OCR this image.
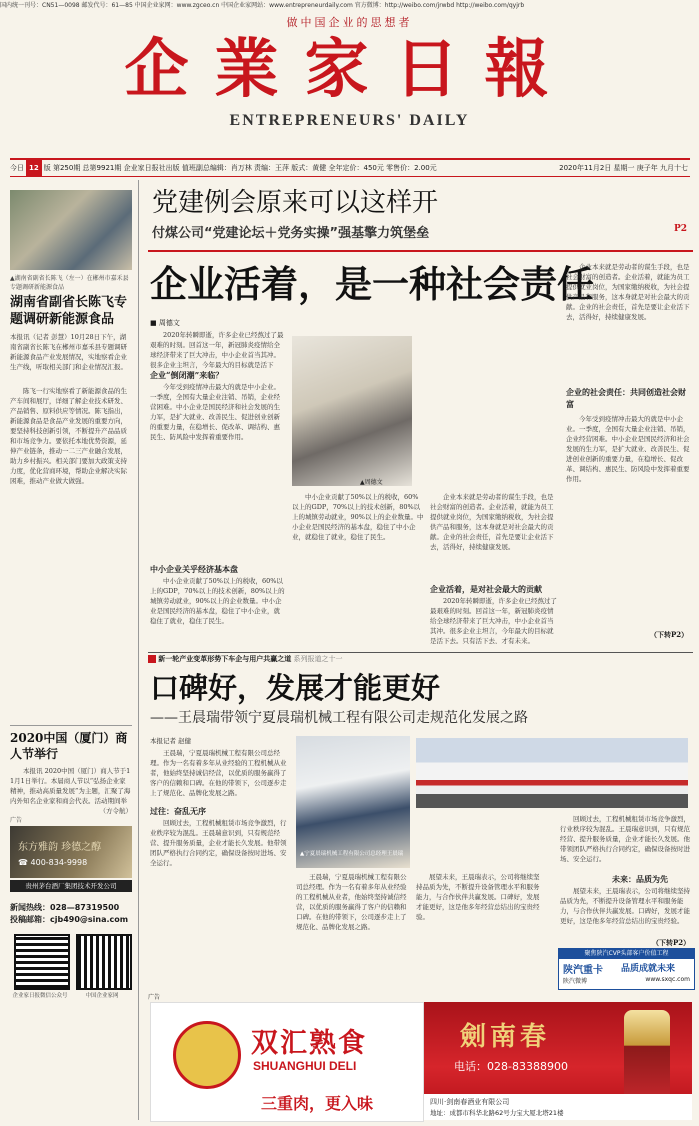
国内统一刊号：CN51—0098 邮发代号：61—85 中国企业家网：www.zgceo.cn 中国企业家网站：www.entrepreneurdaily.com 官方微博：http://weibo.com/jrwbd http://weibo.com/qyjrb
做中国企业的思想者
企業家日報
ENTREPRENEURS' DAILY
今日 12 版 第250期 总第9921期 企业家日报社出版 值班副总编辑：肖万林 责编：王萍 版式：黄健 全年定价：450元 零售价：2.00元	2020年11月2日 星期一 庚子年 九月十七
▲湖南省副省长陈飞（左一）在郴州市嘉禾县专题调研新能源食品
湖南省副省长陈飞专题调研新能源食品
本报讯（记者 彭慧）10月28日下午，湖南省副省长陈飞在郴州市嘉禾县专题调研新能源食品产业发展情况，实地察看企业生产线，听取相关部门和企业情况汇报。
陈飞一行实地察看了新能源食品的生产车间和展厅，详细了解企业技术研发、产品销售、原料供应等情况。陈飞指出，新能源食品是食品产业发展的重要方向，要坚持科技创新引领，不断提升产品品质和市场竞争力。要依托本地优势资源，延伸产业链条，推动一二三产业融合发展，助力乡村振兴。相关部门要加大政策支持力度，优化营商环境，帮助企业解决实际困难，推动产业做大做强。
2020中国（厦门）商人节举行
本报讯 2020中国（厦门）商人节于11月1日举行。本届商人节以“弘扬企业家精神，推动高质量发展”为主题，汇聚了海内外知名企业家和商会代表。活动期间举
（方令航）
广告
东方雅韵 珍德之醇
☎ 400-834-9998
贵州茅台酒厂集团技术开发公司
新闻热线：028—87319500
投稿邮箱：cjb490@sina.com
企业家日报微信公众号	中国企业家网
党建例会原来可以这样开
付煤公司“党建论坛＋党务实操”强基擎力筑堡垒	P2
企业活着，是一种社会责任
■ 周德文
▲周德文
2020年转瞬即逝，许多企业已经熬过了最艰难的时刻。回首这一年，新冠肺炎疫情给全球经济带来了巨大冲击，中小企业首当其冲。很多企业主坦言，今年最大的目标就是活下
企业“倒闭潮”来临？
今年受到疫情冲击最大的就是中小企业。一季度，全国有大量企业注销、吊销，企业经营困难。中小企业是国民经济和社会发展的生力军，是扩大就业、改善民生、促进创业创新的重要力量，在稳增长、促改革、调结构、惠民生、防风险中发挥着重要作用。
中小企业关乎经济基本盘
中小企业贡献了50%以上的税收，60%以上的GDP，70%以上的技术创新，80%以上的城镇劳动就业，90%以上的企业数量。中小企业是国民经济的基本盘，稳住了中小企业，就稳住了就业，稳住了民生。
中小企业贡献了50%以上的税收，60%以上的GDP，70%以上的技术创新，80%以上的城镇劳动就业，90%以上的企业数量。中小企业是国民经济的基本盘，稳住了中小企业，就稳住了就业，稳住了民生。
企业本来就是劳动者的谋生手段，也是社会财富的创造者。企业活着，就能为员工提供就业岗位，为国家缴纳税收，为社会提供产品和服务，这本身就是对社会最大的贡献。企业的社会责任，首先是要让企业活下去，活得好，持续健康发展。
企业活着，是对社会最大的贡献
2020年转瞬即逝，许多企业已经熬过了最艰难的时刻。回首这一年，新冠肺炎疫情给全球经济带来了巨大冲击，中小企业首当其冲。很多企业主坦言，今年最大的目标就是活下去。只有活下去，才有未来。
企业本来就是劳动者的谋生手段，也是社会财富的创造者。企业活着，就能为员工提供就业岗位，为国家缴纳税收，为社会提供产品和服务，这本身就是对社会最大的贡献。企业的社会责任，首先是要让企业活下去，活得好，持续健康发展。
企业的社会责任：共同创造社会财富
今年受到疫情冲击最大的就是中小企业。一季度，全国有大量企业注销、吊销，企业经营困难。中小企业是国民经济和社会发展的生力军，是扩大就业、改善民生、促进创业创新的重要力量，在稳增长、促改革、调结构、惠民生、防风险中发挥着重要作用。
（下转P2）
新一轮产业变革形势下车企与用户共赢之道 系列报道之十一
口碑好，发展才能更好
——王晨瑞带领宁夏晨瑞机械工程有限公司走规范化发展之路
本报记者 赵健
王晨瑞，宁夏晨瑞机械工程有限公司总经理。作为一名有着多年从业经验的工程机械从业者，他始终坚持诚信经营，以优质的服务赢得了客户的信赖和口碑。在他的带领下，公司逐步走上了规范化、品牌化发展之路。
▲宁夏晨瑞机械工程有限公司总经理王晨瑞
过往：奋乱无序
回顾过去，工程机械租赁市场竞争激烈，行业秩序较为混乱。王晨瑞意识到，只有规范经营、提升服务质量，企业才能长久发展。他带领团队严格执行合同约定，确保设备按时进场、安全运行。
王晨瑞，宁夏晨瑞机械工程有限公司总经理。作为一名有着多年从业经验的工程机械从业者，他始终坚持诚信经营，以优质的服务赢得了客户的信赖和口碑。在他的带领下，公司逐步走上了规范化、品牌化发展之路。
展望未来，王晨瑞表示，公司将继续坚持品质为先，不断提升设备管理水平和服务能力，与合作伙伴共赢发展。口碑好，发展才能更好，这是他多年经营总结出的宝贵经验。
回顾过去，工程机械租赁市场竞争激烈，行业秩序较为混乱。王晨瑞意识到，只有规范经营、提升服务质量，企业才能长久发展。他带领团队严格执行合同约定，确保设备按时进场、安全运行。
未来：品质为先
展望未来，王晨瑞表示，公司将继续坚持品质为先，不断提升设备管理水平和服务能力，与合作伙伴共赢发展。口碑好，发展才能更好，这是他多年经营总结出的宝贵经验。
（下转P2）
聚焦陕汽CVP头部客户价值工程
陕汽重卡 品质成就未来
陕汽微博	www.sxqc.com
广告
双汇熟食
SHUANGHUI DELI
三重肉，更入味
劍南春
电话：028-83388900
四川·剑南春酒业有限公司
地址：成都市科华北路62号力宝大厦北塔21楼
